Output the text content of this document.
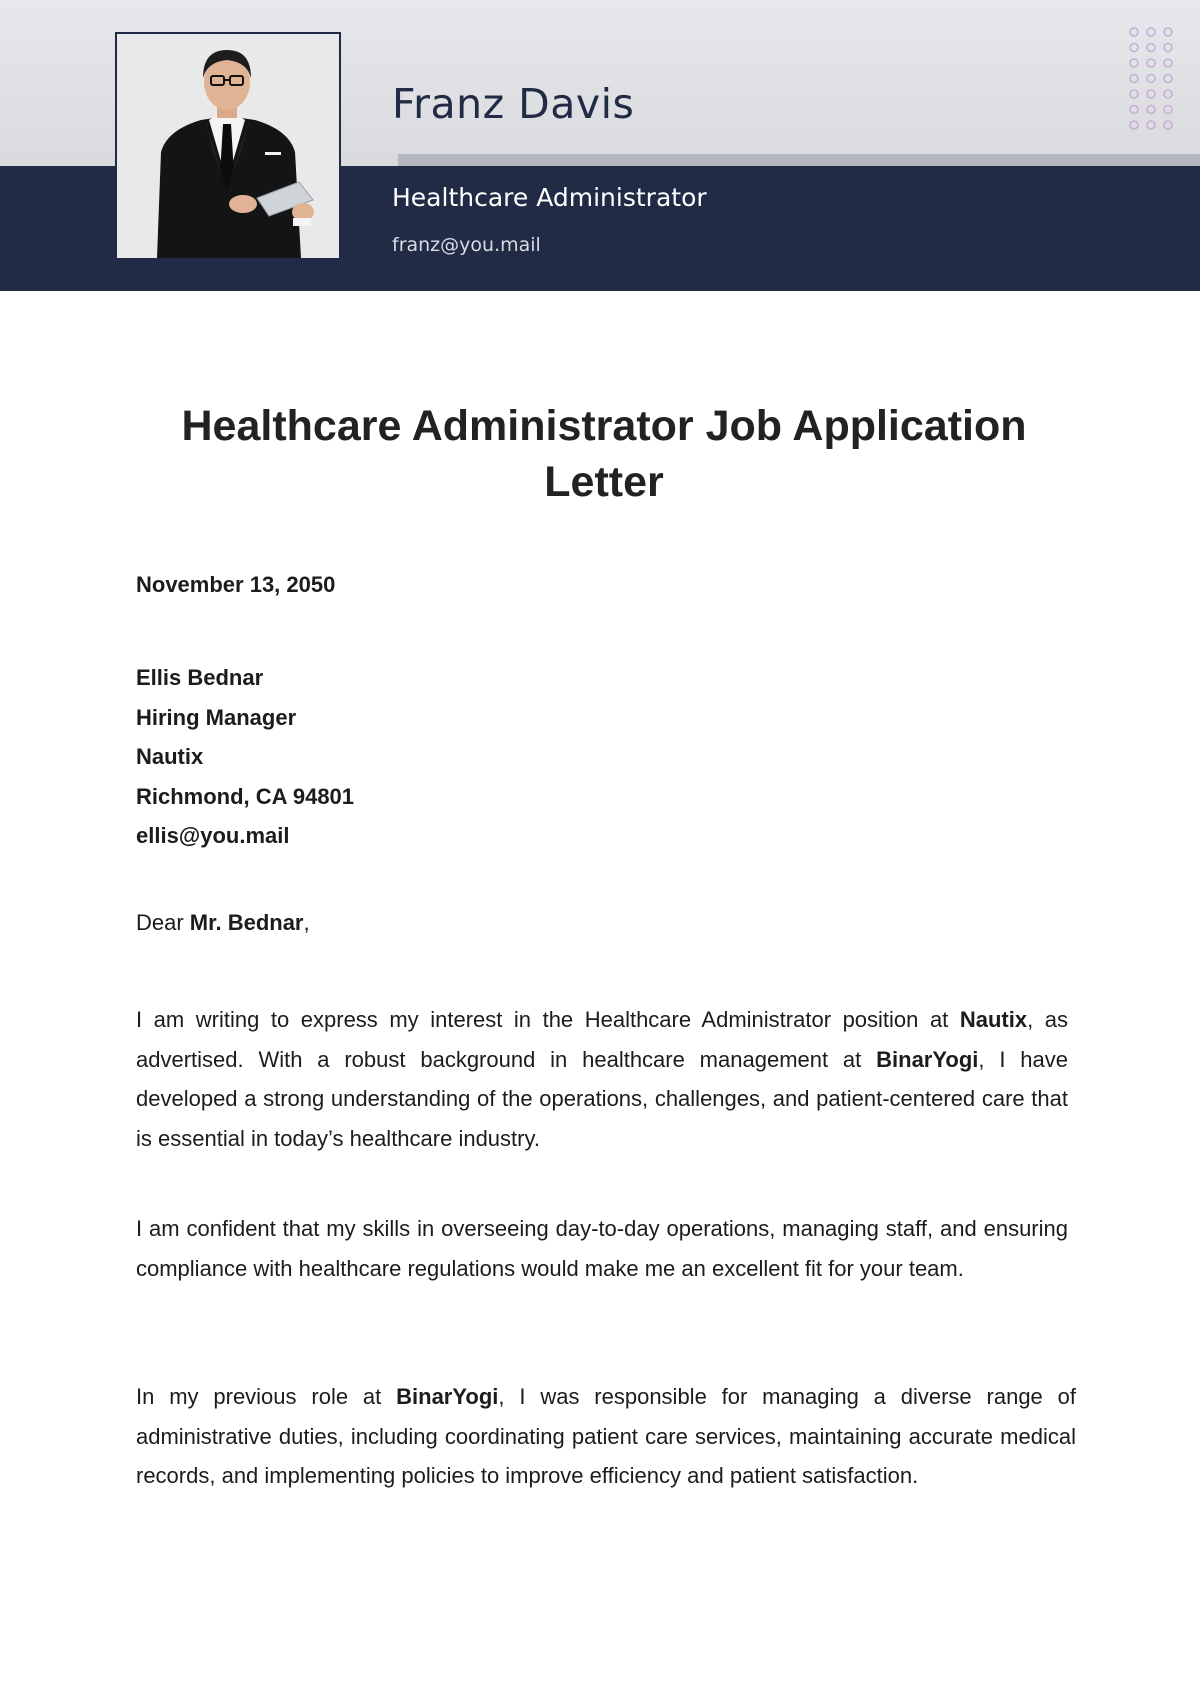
Franz Davis
Healthcare Administrator
franz@you.mail
Healthcare Administrator Job Application Letter
November 13, 2050
Ellis Bednar
Hiring Manager
Nautix
Richmond, CA 94801
ellis@you.mail

Dear Mr. Bednar,

I am writing to express my interest in the Healthcare Administrator position at Nautix, as advertised. With a robust background in healthcare management at BinarYogi, I have developed a strong understanding of the operations, challenges, and patient-centered care that is essential in today’s healthcare industry.

I am confident that my skills in overseeing day-to-day operations, managing staff, and ensuring compliance with healthcare regulations would make me an excellent fit for your team.

In my previous role at BinarYogi, I was responsible for managing a diverse range of administrative duties, including coordinating patient care services, maintaining accurate medical records, and implementing policies to improve efficiency and patient satisfaction.
